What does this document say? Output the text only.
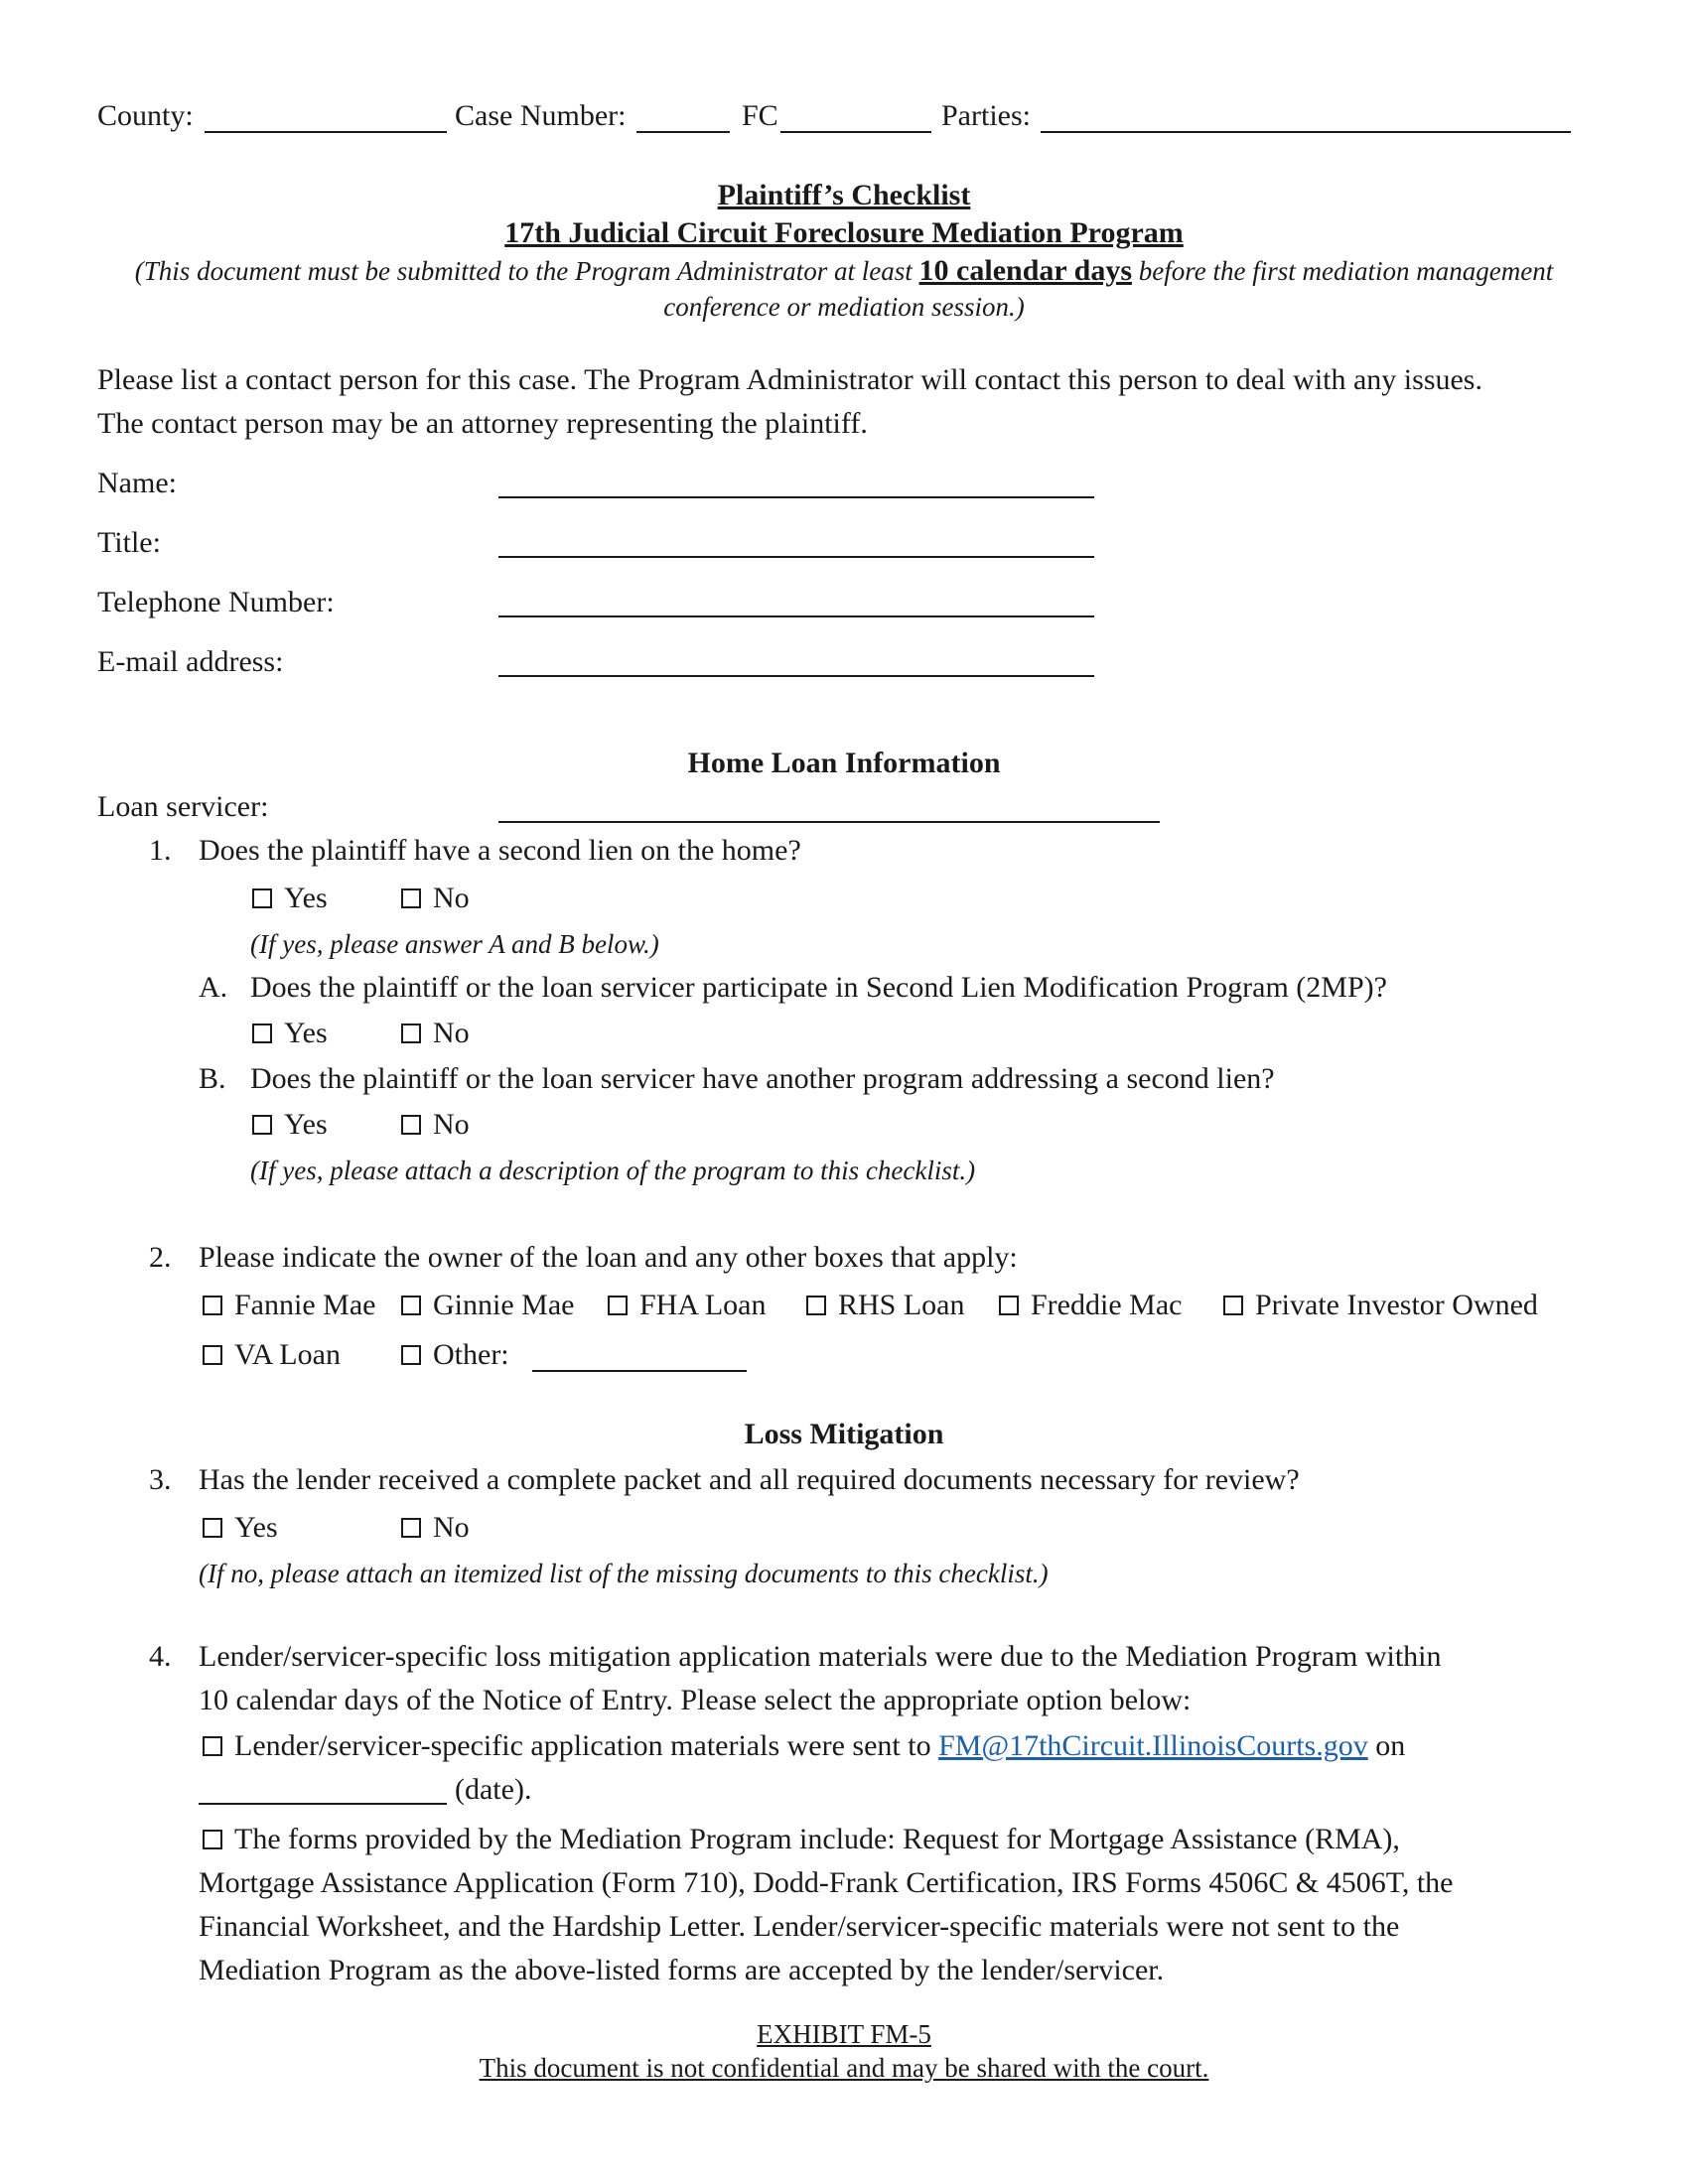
County:	Case Number:	FC	Parties:
Plaintiff’s Checklist
17th Judicial Circuit Foreclosure Mediation Program
(This document must be submitted to the Program Administrator at least 10 calendar days before the first mediation management
conference or mediation session.)
Please list a contact person for this case. The Program Administrator will contact this person to deal with any issues.
The contact person may be an attorney representing the plaintiff.
Name:
Title:
Telephone Number:
E-mail address:
Home Loan Information
Loan servicer:
1. Does the plaintiff have a second lien on the home?
Yes	No
(If yes, please answer A and B below.)
A. Does the plaintiff or the loan servicer participate in Second Lien Modification Program (2MP)?
Yes	No
B. Does the plaintiff or the loan servicer have another program addressing a second lien?
Yes	No
(If yes, please attach a description of the program to this checklist.)
2. Please indicate the owner of the loan and any other boxes that apply:
Fannie Mae	Ginnie Mae	FHA Loan	RHS Loan	Freddie Mac	Private Investor Owned
VA Loan	Other:
Loss Mitigation
3. Has the lender received a complete packet and all required documents necessary for review?
Yes	No
(If no, please attach an itemized list of the missing documents to this checklist.)
4. Lender/servicer-specific loss mitigation application materials were due to the Mediation Program within
10 calendar days of the Notice of Entry. Please select the appropriate option below:
Lender/servicer-specific application materials were sent to FM@17thCircuit.IllinoisCourts.gov on
(date).
The forms provided by the Mediation Program include: Request for Mortgage Assistance (RMA),
Mortgage Assistance Application (Form 710), Dodd-Frank Certification, IRS Forms 4506C & 4506T, the
Financial Worksheet, and the Hardship Letter. Lender/servicer-specific materials were not sent to the
Mediation Program as the above-listed forms are accepted by the lender/servicer.
EXHIBIT FM-5
This document is not confidential and may be shared with the court.
